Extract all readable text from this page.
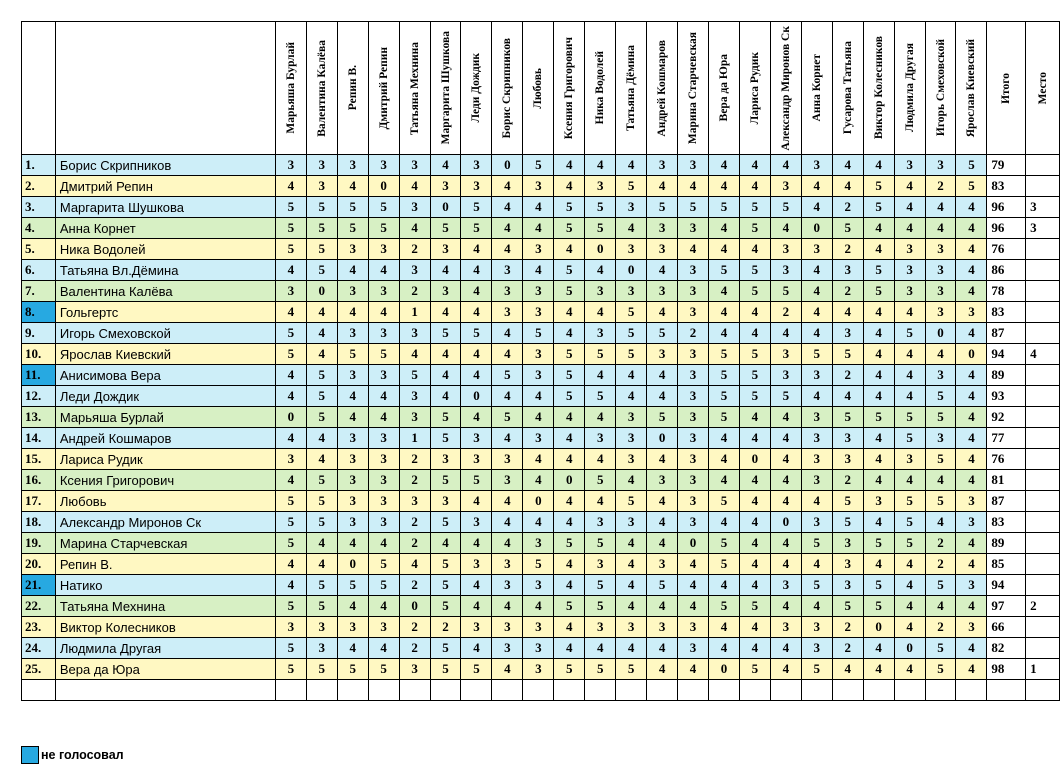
		Марьяша Бурлай	Валентина Калёва	Репин В.	Дмитрий Репин	Татьяна Мехнина	Маргарита Шушкова	Леди Дождик	Борис Скрипников	Любовь	Ксения Григорович	Ника Водолей	Татьяна Дёмина	Андрей Кошмаров	Марина Старчевская	Вера да Юра	Лариса Рудик	Александр Миронов Ск	Анна Корнет	Гусарова Татьяна	Виктор Колесников	Людмила Другая	Игорь Смеховской	Ярослав Киевский	Итого	Место

1.	Борис Скрипников	3	3	3	3	3	4	3	0	5	4	4	4	3	3	4	4	4	3	4	4	3	3	5	79	
2.	Дмитрий Репин	4	3	4	0	4	3	3	4	3	4	3	5	4	4	4	4	3	4	4	5	4	2	5	83	
3.	Маргарита Шушкова	5	5	5	5	3	0	5	4	4	5	5	3	5	5	5	5	5	4	2	5	4	4	4	96	3
4.	Анна Корнет	5	5	5	5	4	5	5	4	4	5	5	4	3	3	4	5	4	0	5	4	4	4	4	96	3
5.	Ника Водолей	5	5	3	3	2	3	4	4	3	4	0	3	3	4	4	4	3	3	2	4	3	3	4	76	
6.	Татьяна Вл.Дёмина	4	5	4	4	3	4	4	3	4	5	4	0	4	3	5	5	3	4	3	5	3	3	4	86	
7.	Валентина Калёва	3	0	3	3	2	3	4	3	3	5	3	3	3	3	4	5	5	4	2	5	3	3	4	78	
8.	Гольгертс	4	4	4	4	1	4	4	3	3	4	4	5	4	3	4	4	2	4	4	4	4	3	3	83	
9.	Игорь Смеховской	5	4	3	3	3	5	5	4	5	4	3	5	5	2	4	4	4	4	3	4	5	0	4	87	
10.	Ярослав Киевский	5	4	5	5	4	4	4	4	3	5	5	5	3	3	5	5	3	5	5	4	4	4	0	94	4
11.	Анисимова Вера	4	5	3	3	5	4	4	5	3	5	4	4	4	3	5	5	3	3	2	4	4	3	4	89	
12.	Леди Дождик	4	5	4	4	3	4	0	4	4	5	5	4	4	3	5	5	5	4	4	4	4	5	4	93	
13.	Марьяша Бурлай	0	5	4	4	3	5	4	5	4	4	4	3	5	3	5	4	4	3	5	5	5	5	4	92	
14.	Андрей Кошмаров	4	4	3	3	1	5	3	4	3	4	3	3	0	3	4	4	4	3	3	4	5	3	4	77	
15.	Лариса Рудик	3	4	3	3	2	3	3	3	4	4	4	3	4	3	4	0	4	3	3	4	3	5	4	76	
16.	Ксения Григорович	4	5	3	3	2	5	5	3	4	0	5	4	3	3	4	4	4	3	2	4	4	4	4	81	
17.	Любовь	5	5	3	3	3	3	4	4	0	4	4	5	4	3	5	4	4	4	5	3	5	5	3	87	
18.	Александр Миронов Ск	5	5	3	3	2	5	3	4	4	4	3	3	4	3	4	4	0	3	5	4	5	4	3	83	
19.	Марина Старчевская	5	4	4	4	2	4	4	4	3	5	5	4	4	0	5	4	4	5	3	5	5	2	4	89	
20.	Репин В.	4	4	0	5	4	5	3	3	5	4	3	4	3	4	5	4	4	4	3	4	4	2	4	85	
21.	Натико	4	5	5	5	2	5	4	3	3	4	5	4	5	4	4	4	3	5	3	5	4	5	3	94	
22.	Татьяна Мехнина	5	5	4	4	0	5	4	4	4	5	5	4	4	4	5	5	4	4	5	5	4	4	4	97	2
23.	Виктор Колесников	3	3	3	3	2	2	3	3	3	4	3	3	3	3	4	4	3	3	2	0	4	2	3	66	
24.	Людмила Другая	5	3	4	4	2	5	4	3	3	4	4	4	4	3	4	4	4	3	2	4	0	5	4	82	
25.	Вера да Юра	5	5	5	5	3	5	5	4	3	5	5	5	4	4	0	5	4	5	4	4	4	5	4	98	1

не голосовал
